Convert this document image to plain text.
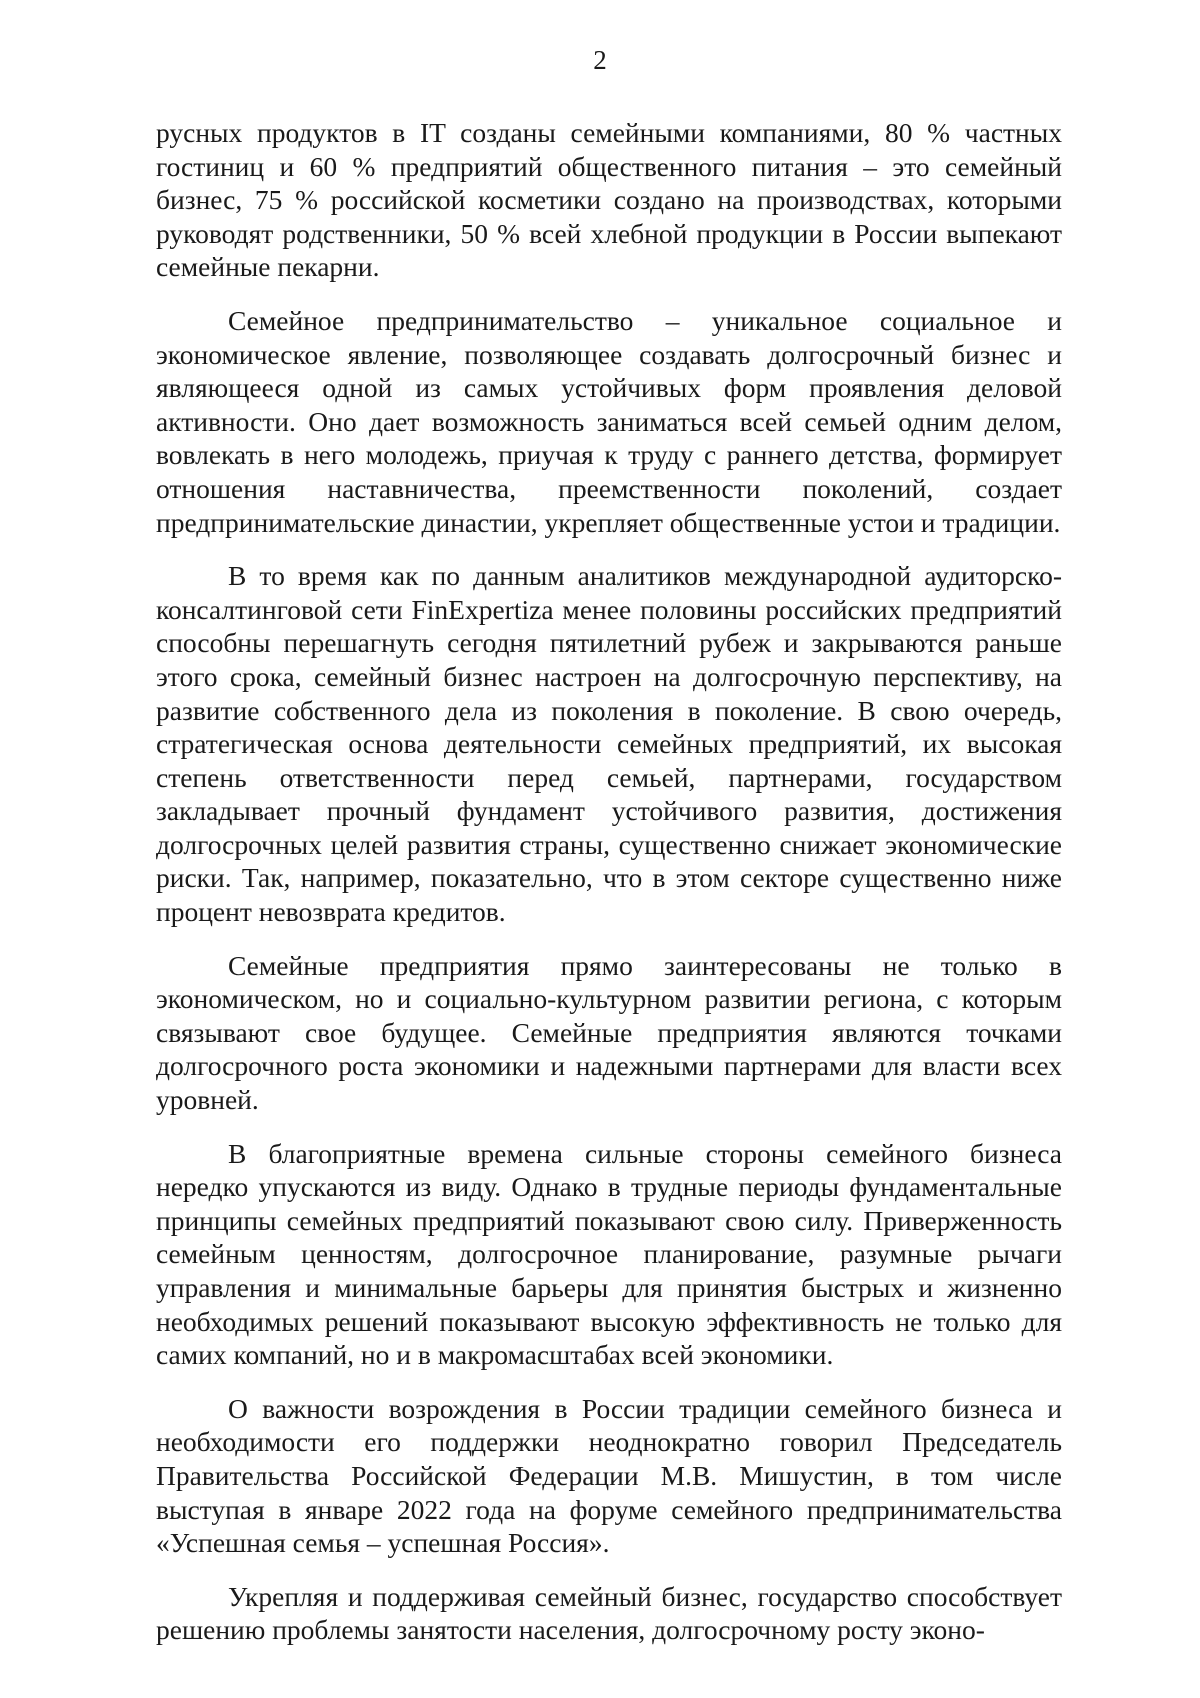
2

русных продуктов в IT созданы семейными компаниями, 80 % частных гостиниц и 60 % предприятий общественного питания – это семейный бизнес, 75 % российской косметики создано на производствах, которыми руководят родственники, 50 % всей хлебной продукции в России выпекают семейные пекарни.

Семейное предпринимательство – уникальное социальное и экономическое явление, позволяющее создавать долгосрочный бизнес и являющееся одной из самых устойчивых форм проявления деловой активности. Оно дает возможность заниматься всей семьей одним делом, вовлекать в него молодежь, приучая к труду с раннего детства, формирует отношения наставничества, преемственности поколений, создает предпринимательские династии, укрепляет общественные устои и традиции.

В то время как по данным аналитиков международной аудиторско-консалтинговой сети FinExpertiza менее половины российских предприятий способны перешагнуть сегодня пятилетний рубеж и закрываются раньше этого срока, семейный бизнес настроен на долгосрочную перспективу, на развитие собственного дела из поколения в поколение. В свою очередь, стратегическая основа деятельности семейных предприятий, их высокая степень ответственности перед семьей, партнерами, государством закладывает прочный фундамент устойчивого развития, достижения долгосрочных целей развития страны, существенно снижает экономические риски. Так, например, показательно, что в этом секторе существенно ниже процент невозврата кредитов.

Семейные предприятия прямо заинтересованы не только в экономическом, но и социально-культурном развитии региона, с которым связывают свое будущее. Семейные предприятия являются точками долгосрочного роста экономики и надежными партнерами для власти всех уровней.

В благоприятные времена сильные стороны семейного бизнеса нередко упускаются из виду. Однако в трудные периоды фундаментальные принципы семейных предприятий показывают свою силу. Приверженность семейным ценностям, долгосрочное планирование, разумные рычаги управления и минимальные барьеры для принятия быстрых и жизненно необходимых решений показывают высокую эффективность не только для самих компаний, но и в макромасштабах всей экономики.

О важности возрождения в России традиции семейного бизнеса и необходимости его поддержки неоднократно говорил Председатель Правительства Российской Федерации М.В. Мишустин, в том числе выступая в январе 2022 года на форуме семейного предпринимательства «Успешная семья – успешная Россия».

Укрепляя и поддерживая семейный бизнес, государство способствует решению проблемы занятости населения, долгосрочному росту эконо-
